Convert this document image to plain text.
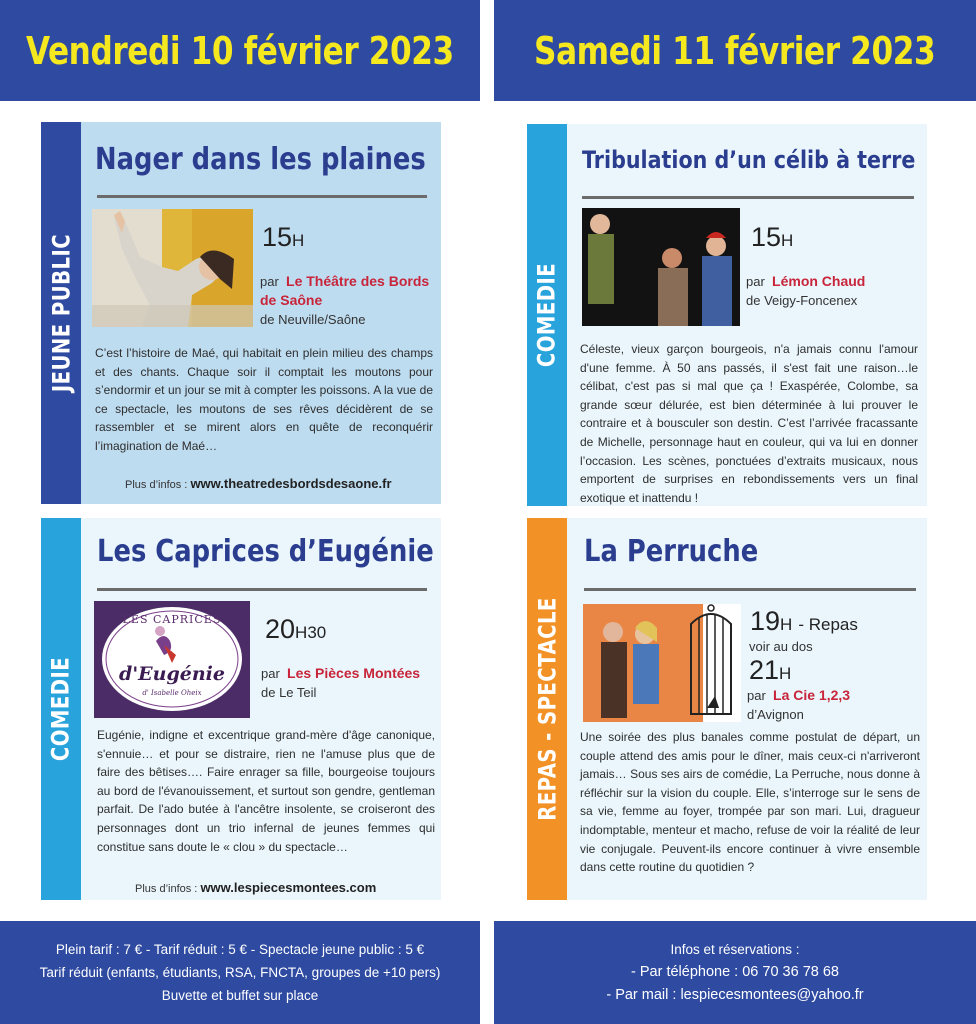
Vendredi 10 février 2023 Samedi 11 février 2023
JEUNE PUBLIC
Nager dans les plaines
15H
par Le Théâtre des Bords de Saône
de Neuville/Saône
C’est l’histoire de Maé, qui habitait en plein milieu des champs et des chants. Chaque soir il comptait les moutons pour s’endormir et un jour se mit à compter les poissons. A la vue de ce spectacle, les moutons de ses rêves décidèrent de se rassembler et se mirent alors en quête de reconquérir l’imagination de Maé…
Plus d’infos : www.theatredesbordsdesaone.fr
COMEDIE
Les Caprices d’Eugénie
LES CAPRICES
d'Eugénie
d' Isabelle Oheix
20H30
par Les Pièces Montées
de Le Teil
Eugénie, indigne et excentrique grand-mère d'âge canonique, s'ennuie… et pour se distraire, rien ne l'amuse plus que de faire des bêtises…. Faire enrager sa fille, bourgeoise toujours au bord de l'évanouissement, et surtout son gendre, gentleman parfait. De l'ado butée à l'ancêtre insolente, se croiseront des personnages dont un trio infernal de jeunes femmes qui constitue sans doute le « clou » du spectacle…
Plus d’infos : www.lespiecesmontees.com
COMEDIE
Tribulation d’un célib à terre
15H
par Lémon Chaud
de Veigy-Foncenex
Céleste, vieux garçon bourgeois, n'a jamais connu l'amour d'une femme. À 50 ans passés, il s'est fait une raison…le célibat, c'est pas si mal que ça ! Exaspérée, Colombe, sa grande sœur délurée, est bien déterminée à lui prouver le contraire et à bousculer son destin. C’est l’arrivée fracassante de Michelle, personnage haut en couleur, qui va lui en donner l’occasion. Les scènes, ponctuées d’extraits musicaux, nous emportent de surprises en rebondissements vers un final exotique et inattendu !
REPAS - SPECTACLE
La Perruche
19H - Repas
voir au dos
21H
par La Cie 1,2,3
d’Avignon
Une soirée des plus banales comme postulat de départ, un couple attend des amis pour le dîner, mais ceux-ci n'arriveront jamais… Sous ses airs de comédie, La Perruche, nous donne à réfléchir sur la vision du couple. Elle, s’interroge sur le sens de sa vie, femme au foyer, trompée par son mari. Lui, dragueur indomptable, menteur et macho, refuse de voir la réalité de leur vie conjugale. Peuvent-ils encore continuer à vivre ensemble dans cette routine du quotidien ?
Plein tarif : 7 € - Tarif réduit : 5 € - Spectacle jeune public : 5 €
Tarif réduit (enfants, étudiants, RSA, FNCTA, groupes de +10 pers)
Buvette et buffet sur place
Infos et réservations :
- Par téléphone : 06 70 36 78 68
- Par mail : lespiecesmontees@yahoo.fr
